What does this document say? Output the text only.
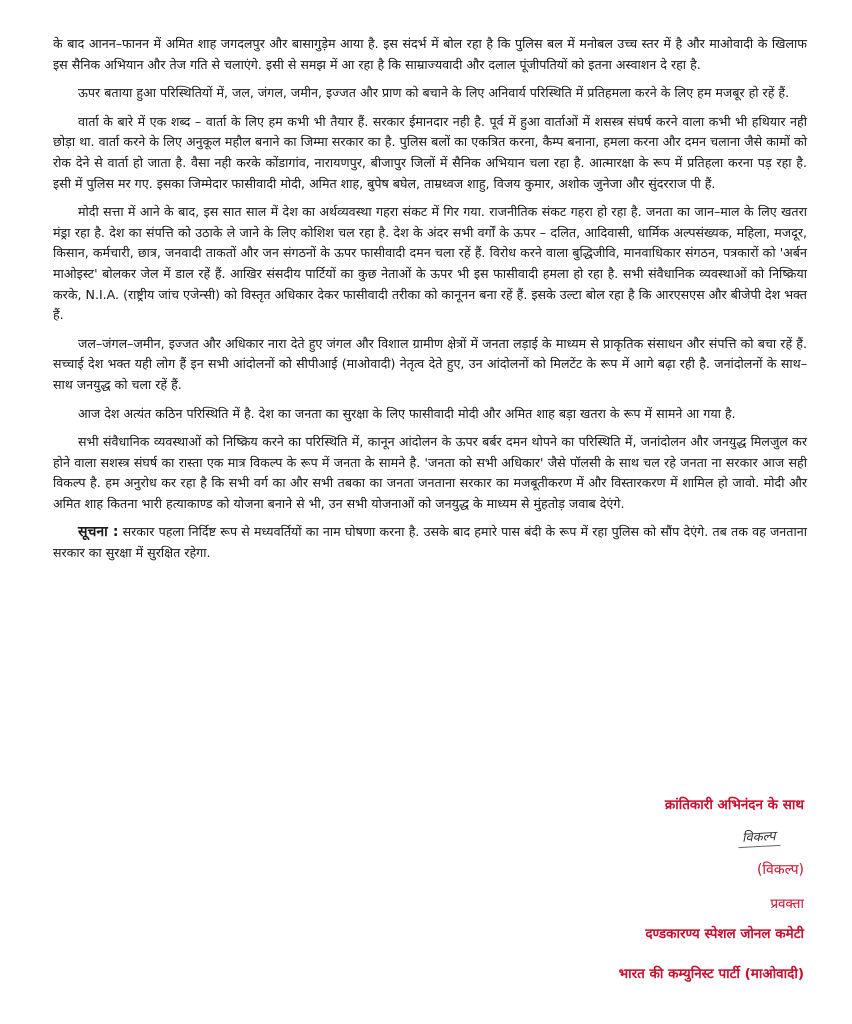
के बाद आनन–फानन में अमित शाह जगदलपुर और बासागुड़ेम आया है. इस संदर्भ में बोल रहा है कि पुलिस बल में मनोबल उच्च स्तर में है और माओवादी के खिलाफ इस सैनिक अभियान और तेज गति से चलाएंगे. इसी से समझ में आ रहा है कि साम्राज्यवादी और दलाल पूंजीपतियों को इतना अस्वाशन दे रहा है.

ऊपर बताया हुआ परिस्थितियों में, जल, जंगल, जमीन, इज्जत और प्राण को बचाने के लिए अनिवार्य परिस्थिति में प्रतिहमला करने के लिए हम मजबूर हो रहें हैं.

वार्ता के बारे में एक शब्द – वार्ता के लिए हम कभी भी तैयार हैं. सरकार ईमानदार नही है. पूर्व में हुआ वार्ताओं में शसस्त्र संघर्ष करने वाला कभी भी हथियार नही छोड़ा था. वार्ता करने के लिए अनुकूल महौल बनाने का जिम्मा सरकार का है. पुलिस बलों का एकत्रित करना, कैम्प बनाना, हमला करना और दमन चलाना जैसे कामों को रोक देने से वार्ता हो जाता है. वैसा नही करके कोंडागांव, नारायणपुर, बीजापुर जिलों में सैनिक अभियान चला रहा है. आत्मारक्षा के रूप में प्रतिहला करना पड़ रहा है. इसी में पुलिस मर गए. इसका जिम्मेदार फासीवादी मोदी, अमित शाह, बुपेष बघेल, ताम्रध्वज शाहु, विजय कुमार, अशोक जुनेजा और सुंदरराज पी हैं.

मोदी सत्ता में आने के बाद, इस सात साल में देश का अर्थव्यवस्था गहरा संकट में गिर गया. राजनीतिक संकट गहरा हो रहा है. जनता का जान–माल के लिए खतरा मंड्रा रहा है. देश का संपत्ति को उठाके ले जाने के लिए कोशिश चल रहा है. देश के अंदर सभी वर्गों के ऊपर – दलित, आदिवासी, धार्मिक अल्पसंख्यक, महिला, मजदूर, किसान, कर्मचारी, छात्र, जनवादी ताकतों और जन संगठनों के ऊपर फासीवादी दमन चला रहें हैं. विरोध करने वाला बुद्धिजीवि, मानवाधिकार संगठन, पत्रकारों को 'अर्बन माओइस्ट' बोलकर जेल में डाल रहें हैं. आखिर संसदीय पार्टियों का कुछ नेताओं के ऊपर भी इस फासीवादी हमला हो रहा है. सभी संवैधानिक व्यवस्थाओं को निष्क्रिया करके, N.I.A. (राष्ट्रीय जांच एजेन्सी) को विस्तृत अधिकार देकर फासीवादी तरीका को कानूनन बना रहें हैं. इसके उल्टा बोल रहा है कि आरएसएस और बीजेपी देश भक्त हैं.

जल–जंगल–जमीन, इज्जत और अधिकार नारा देते हुए जंगल और विशाल ग्रामीण क्षेत्रों में जनता लड़ाई के माध्यम से प्राकृतिक संसाधन और संपत्ति को बचा रहें हैं. सच्चाई देश भक्त यही लोग हैं इन सभी आंदोलनों को सीपीआई (माओवादी) नेतृत्व देते हुए, उन आंदोलनों को मिलटेंट के रूप में आगे बढ़ा रही है. जनांदोलनों के साथ–साथ जनयुद्ध को चला रहें हैं.

आज देश अत्यंत कठिन परिस्थिति में है. देश का जनता का सुरक्षा के लिए फासीवादी मोदी और अमित शाह बड़ा खतरा के रूप में सामने आ गया है.

सभी संवैधानिक व्यवस्थाओं को निष्क्रिय करने का परिस्थिति में, कानून आंदोलन के ऊपर बर्बर दमन थोपने का परिस्थिति में, जनांदोलन और जनयुद्ध मिलजुल कर होने वाला सशस्त्र संघर्ष का रास्ता एक मात्र विकल्प के रूप में जनता के सामने है. 'जनता को सभी अधिकार' जैसे पॉलसी के साथ चल रहे जनता ना सरकार आज सही विकल्प है. हम अनुरोध कर रहा है कि सभी वर्ग का और सभी तबका का जनता जनताना सरकार का मजबूतीकरण में और विस्तारकरण में शामिल हो जावो. मोदी और अमित शाह कितना भारी हत्याकाण्ड को योजना बनाने से भी, उन सभी योजनाओं को जनयुद्ध के माध्यम से मुंहतोड़ जवाब देएंगे.

सूचना : सरकार पहला निर्दिष्ट रूप से मध्यवर्तियों का नाम घोषणा करना है. उसके बाद हमारे पास बंदी के रूप में रहा पुलिस को सौंप देएंगे. तब तक वह जनताना सरकार का सुरक्षा में सुरक्षित रहेगा.

क्रांतिकारी अभिनंदन के साथ

विकल्प

(विकल्प)

प्रवक्ता

दण्डकारण्य स्पेशल जोनल कमेटी

भारत की कम्युनिस्ट पार्टी (माओवादी)
